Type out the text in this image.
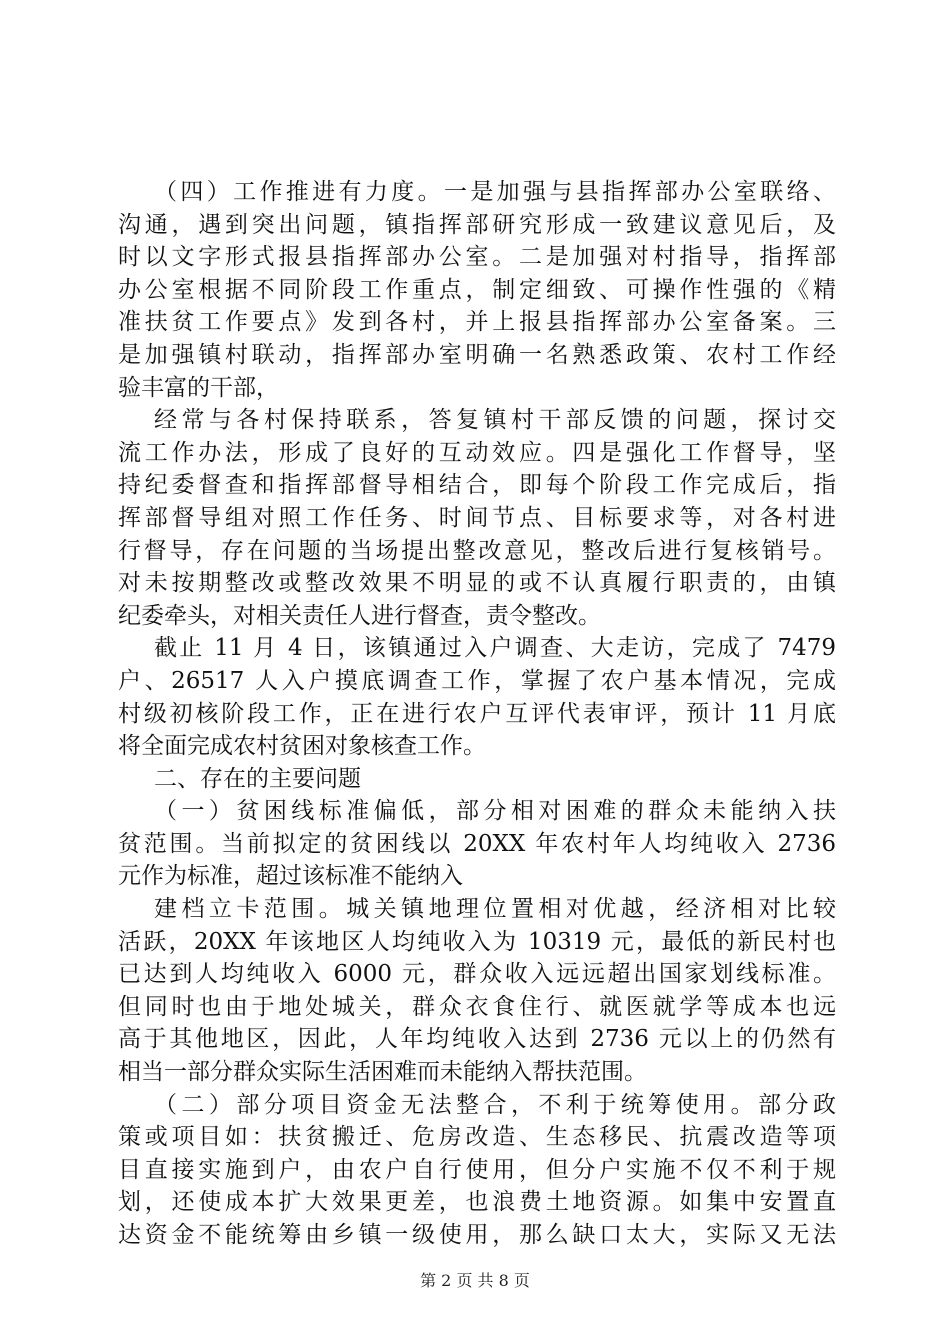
（四）工作推进有力度。一是加强与县指挥部办公室联络、
沟通，遇到突出问题，镇指挥部研究形成一致建议意见后，及
时以文字形式报县指挥部办公室。二是加强对村指导，指挥部
办公室根据不同阶段工作重点，制定细致、可操作性强的《精
准扶贫工作要点》发到各村，并上报县指挥部办公室备案。三
是加强镇村联动，指挥部办室明确一名熟悉政策、农村工作经
验丰富的干部，
经常与各村保持联系，答复镇村干部反馈的问题，探讨交
流工作办法，形成了良好的互动效应。四是强化工作督导，坚
持纪委督查和指挥部督导相结合，即每个阶段工作完成后，指
挥部督导组对照工作任务、时间节点、目标要求等，对各村进
行督导，存在问题的当场提出整改意见，整改后进行复核销号。
对未按期整改或整改效果不明显的或不认真履行职责的，由镇
纪委牵头，对相关责任人进行督查，责令整改。
截止 11 月 4 日，该镇通过入户调查、大走访，完成了 7479
户、26517 人入户摸底调查工作，掌握了农户基本情况，完成
村级初核阶段工作，正在进行农户互评代表审评，预计 11 月底
将全面完成农村贫困对象核查工作。
二、存在的主要问题
（一）贫困线标准偏低，部分相对困难的群众未能纳入扶
贫范围。当前拟定的贫困线以 20XX 年农村年人均纯收入 2736
元作为标准，超过该标准不能纳入
建档立卡范围。城关镇地理位置相对优越，经济相对比较
活跃，20XX 年该地区人均纯收入为 10319 元，最低的新民村也
已达到人均纯收入 6000 元，群众收入远远超出国家划线标准。
但同时也由于地处城关，群众衣食住行、就医就学等成本也远
高于其他地区，因此，人年均纯收入达到 2736 元以上的仍然有
相当一部分群众实际生活困难而未能纳入帮扶范围。
（二）部分项目资金无法整合，不利于统筹使用。部分政
策或项目如：扶贫搬迁、危房改造、生态移民、抗震改造等项
目直接实施到户，由农户自行使用，但分户实施不仅不利于规
划，还使成本扩大效果更差，也浪费土地资源。如集中安置直
达资金不能统筹由乡镇一级使用，那么缺口太大，实际又无法
第 2 页 共 8 页
